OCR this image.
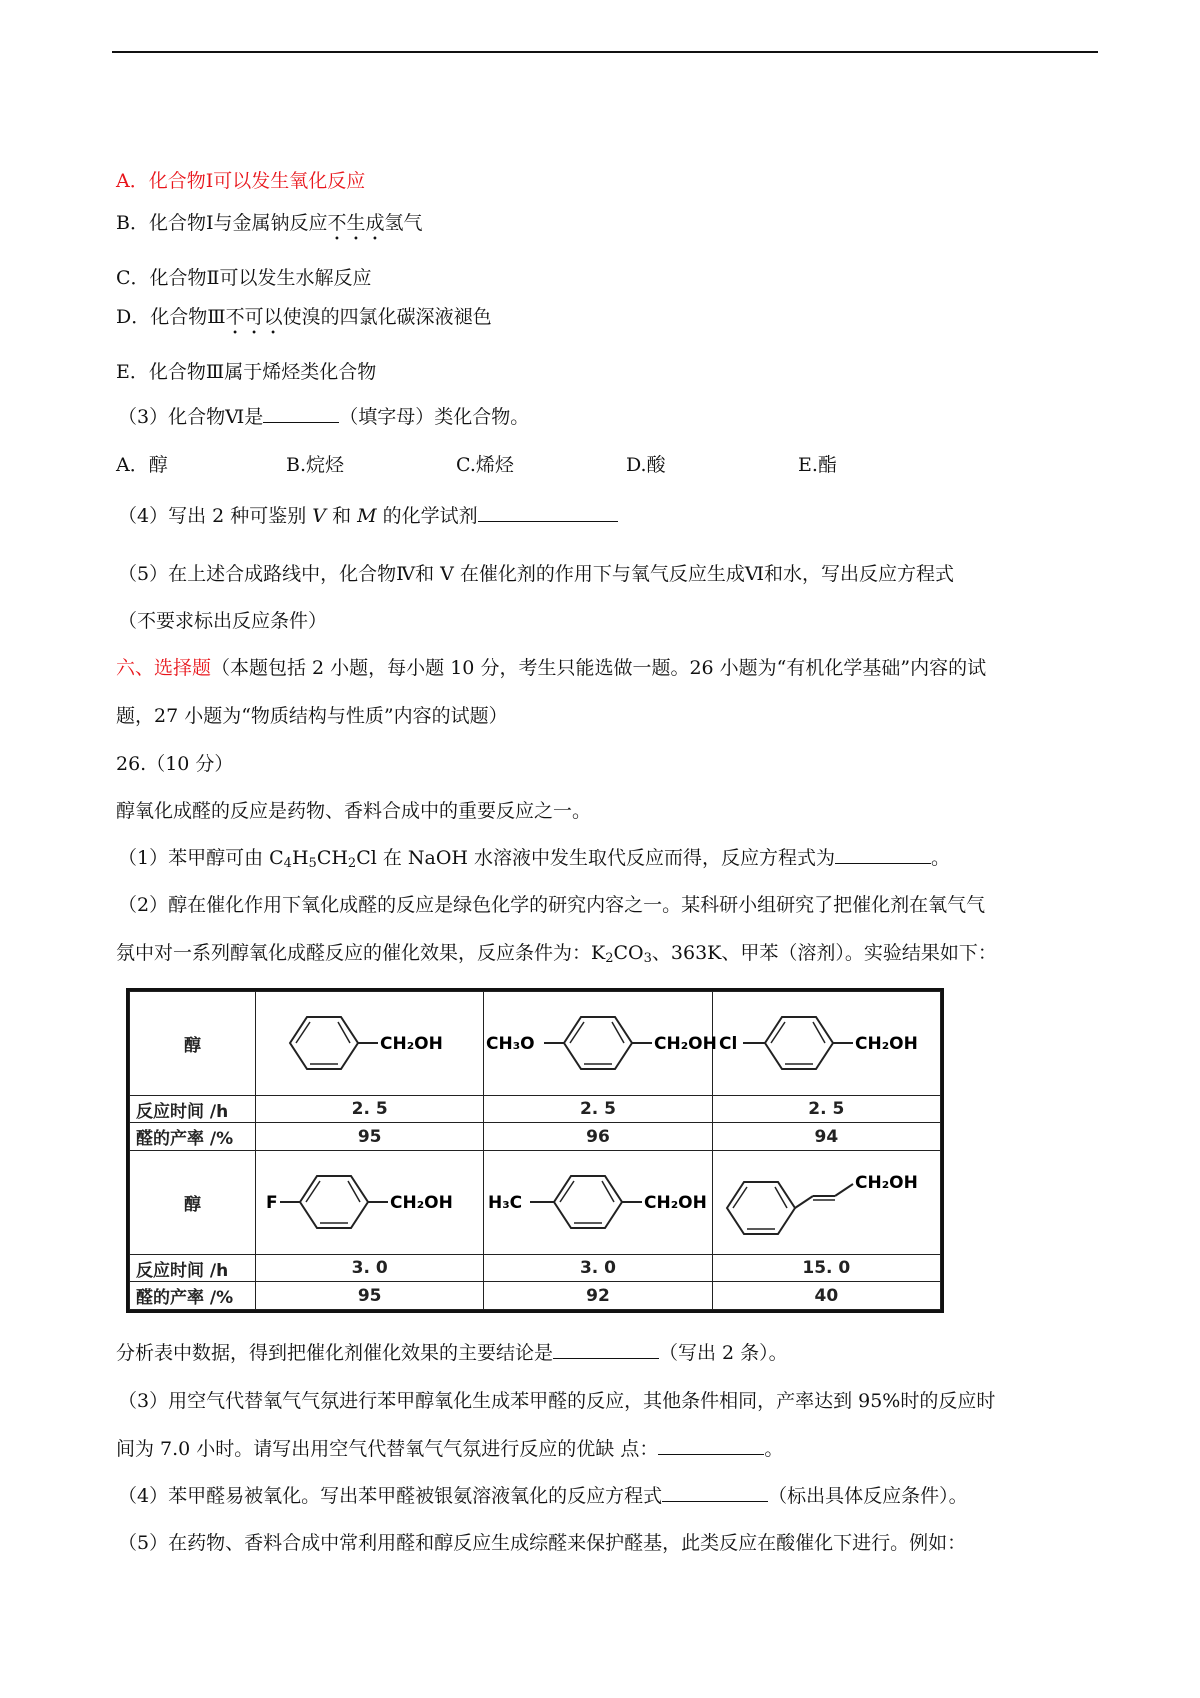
A．化合物Ⅰ可以发生氧化反应
B．化合物Ⅰ与金属钠反应不生成氢气
C．化合物Ⅱ可以发生水解反应
D．化合物Ⅲ不可以使溴的四氯化碳深液褪色
E．化合物Ⅲ属于烯烃类化合物
（3）化合物Ⅵ是	（填字母）类化合物。
A．醇	B.烷烃	C.烯烃	D.酸	E.酯
（4）写出 2 种可鉴别 V 和 M 的化学试剂
（5）在上述合成路线中，化合物Ⅳ和 V 在催化剂的作用下与氧气反应生成Ⅵ和水，写出反应方程式
（不要求标出反应条件）
六、选择题（本题包括 2 小题，每小题 10 分，考生只能选做一题。26 小题为“有机化学基础”内容的试
题，27 小题为“物质结构与性质”内容的试题）
26.（10 分）
醇氧化成醛的反应是药物、香料合成中的重要反应之一。
（1）苯甲醇可由 $C_4H_5CH_2Cl$ 在 NaOH 水溶液中发生取代反应而得，反应方程式为	。
（2）醇在催化作用下氧化成醛的反应是绿色化学的研究内容之一。某科研小组研究了把催化剂在氧气气
氛中对一系列醇氧化成醛反应的催化效果，反应条件为：$K_2CO_3$、363K、甲苯（溶剂）。实验结果如下：
醇	CH₂OH	CH₃O CH₂OH	Cl CH₂OH

反应时间 /h	2. 5	2. 5	2. 5
醛的产率 /%	95	96	94
醇	F CH₂OH	H₃C CH₂OH	CH₂OH

反应时间 /h	3. 0	3. 0	15. 0
醛的产率 /%	95	92	40
分析表中数据，得到把催化剂催化效果的主要结论是	（写出 2 条）。
（3）用空气代替氧气气氛进行苯甲醇氧化生成苯甲醛的反应，其他条件相同，产率达到 95%时的反应时
间为 7.0 小时。请写出用空气代替氧气气氛进行反应的优缺 点：	。
（4）苯甲醛易被氧化。写出苯甲醛被银氨溶液氧化的反应方程式	（标出具体反应条件）。
（5）在药物、香料合成中常利用醛和醇反应生成综醛来保护醛基，此类反应在酸催化下进行。例如：
